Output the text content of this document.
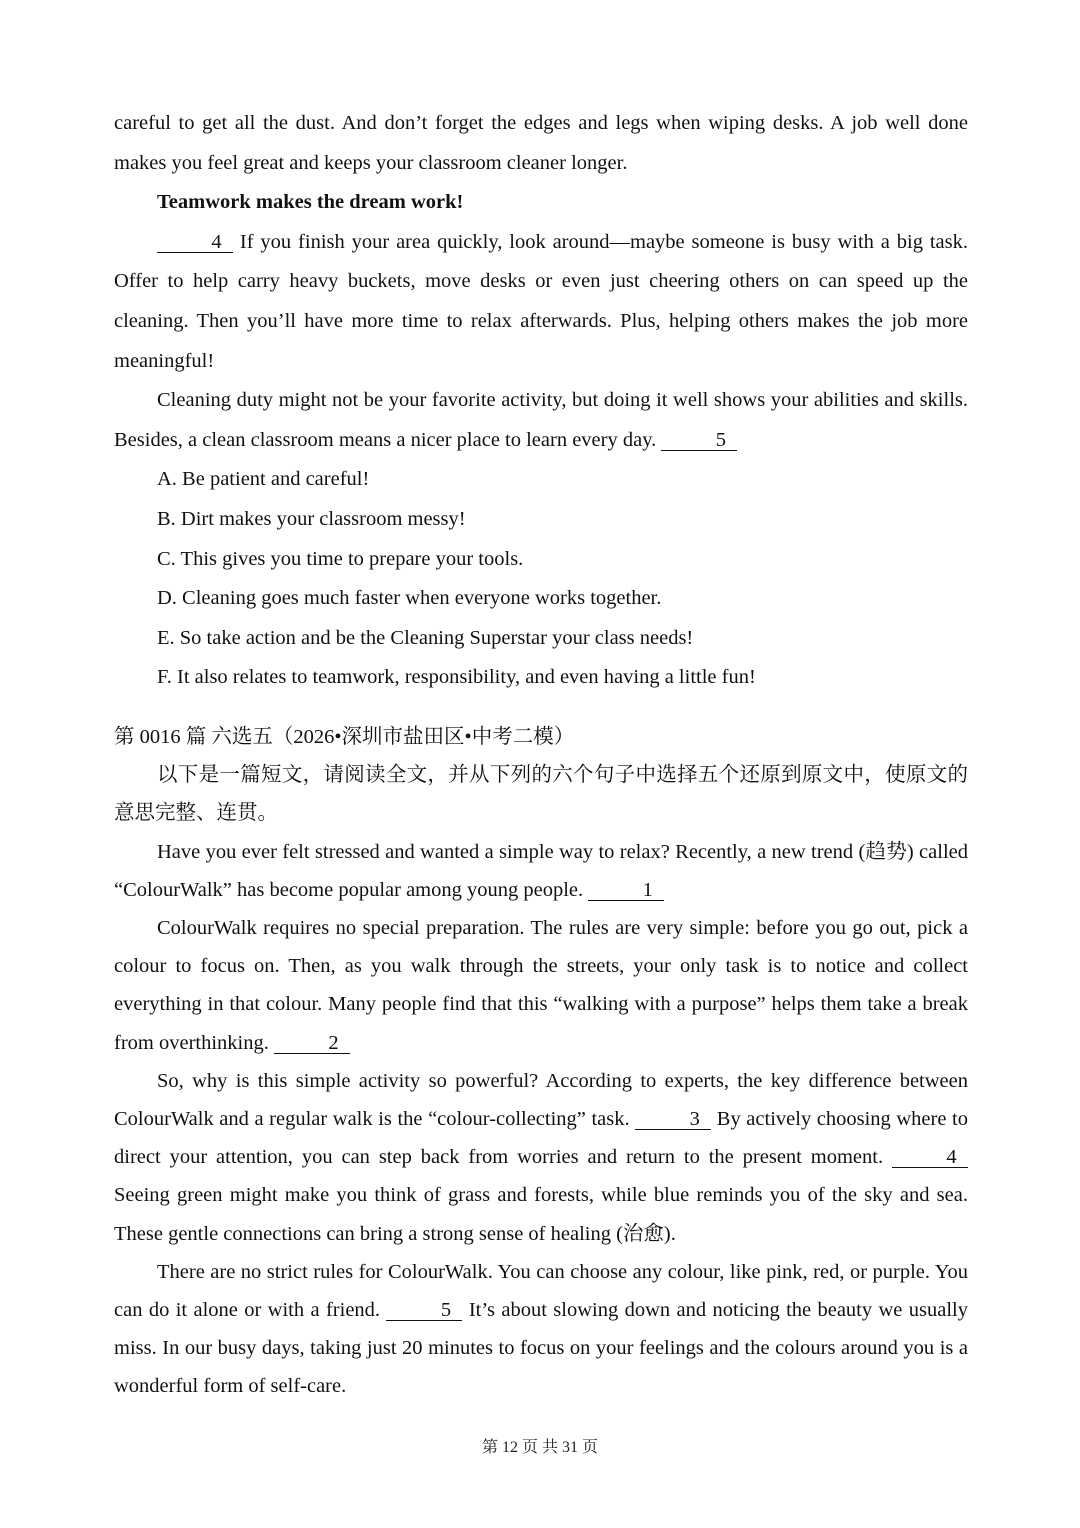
careful to get all the dust. And don’t forget the edges and legs when wiping desks. A job well done makes you feel great and keeps your classroom cleaner longer.

Teamwork makes the dream work!

4 If you finish your area quickly, look around—maybe someone is busy with a big task. Offer to help carry heavy buckets, move desks or even just cheering others on can speed up the cleaning. Then you’ll have more time to relax afterwards. Plus, helping others makes the job more meaningful!

Cleaning duty might not be your favorite activity, but doing it well shows your abilities and skills. Besides, a clean classroom means a nicer place to learn every day.	5

A. Be patient and careful!
B. Dirt makes your classroom messy!
C. This gives you time to prepare your tools.
D. Cleaning goes much faster when everyone works together.
E. So take action and be the Cleaning Superstar your class needs!
F. It also relates to teamwork, responsibility, and even having a little fun!

第 0016 篇 六选五（2026•深圳市盐田区•中考二模）

以下是一篇短文，请阅读全文，并从下列的六个句子中选择五个还原到原文中，使原文的意思完整、连贯。

Have you ever felt stressed and wanted a simple way to relax? Recently, a new trend (趋势) called “ColourWalk” has become popular among young people.	1

ColourWalk requires no special preparation. The rules are very simple: before you go out, pick a colour to focus on. Then, as you walk through the streets, your only task is to notice and collect everything in that colour. Many people find that this “walking with a purpose” helps them take a break from overthinking.	2

So, why is this simple activity so powerful? According to experts, the key difference between ColourWalk and a regular walk is the “colour-collecting” task.	3 By actively choosing where to direct your attention, you can step back from worries and return to the present moment.	4 Seeing green might make you think of grass and forests, while blue reminds you of the sky and sea. These gentle connections can bring a strong sense of healing (治愈).

There are no strict rules for ColourWalk. You can choose any colour, like pink, red, or purple. You can do it alone or with a friend.	5 It’s about slowing down and noticing the beauty we usually miss. In our busy days, taking just 20 minutes to focus on your feelings and the colours around you is a wonderful form of self-care.

第 12 页 共 31 页
